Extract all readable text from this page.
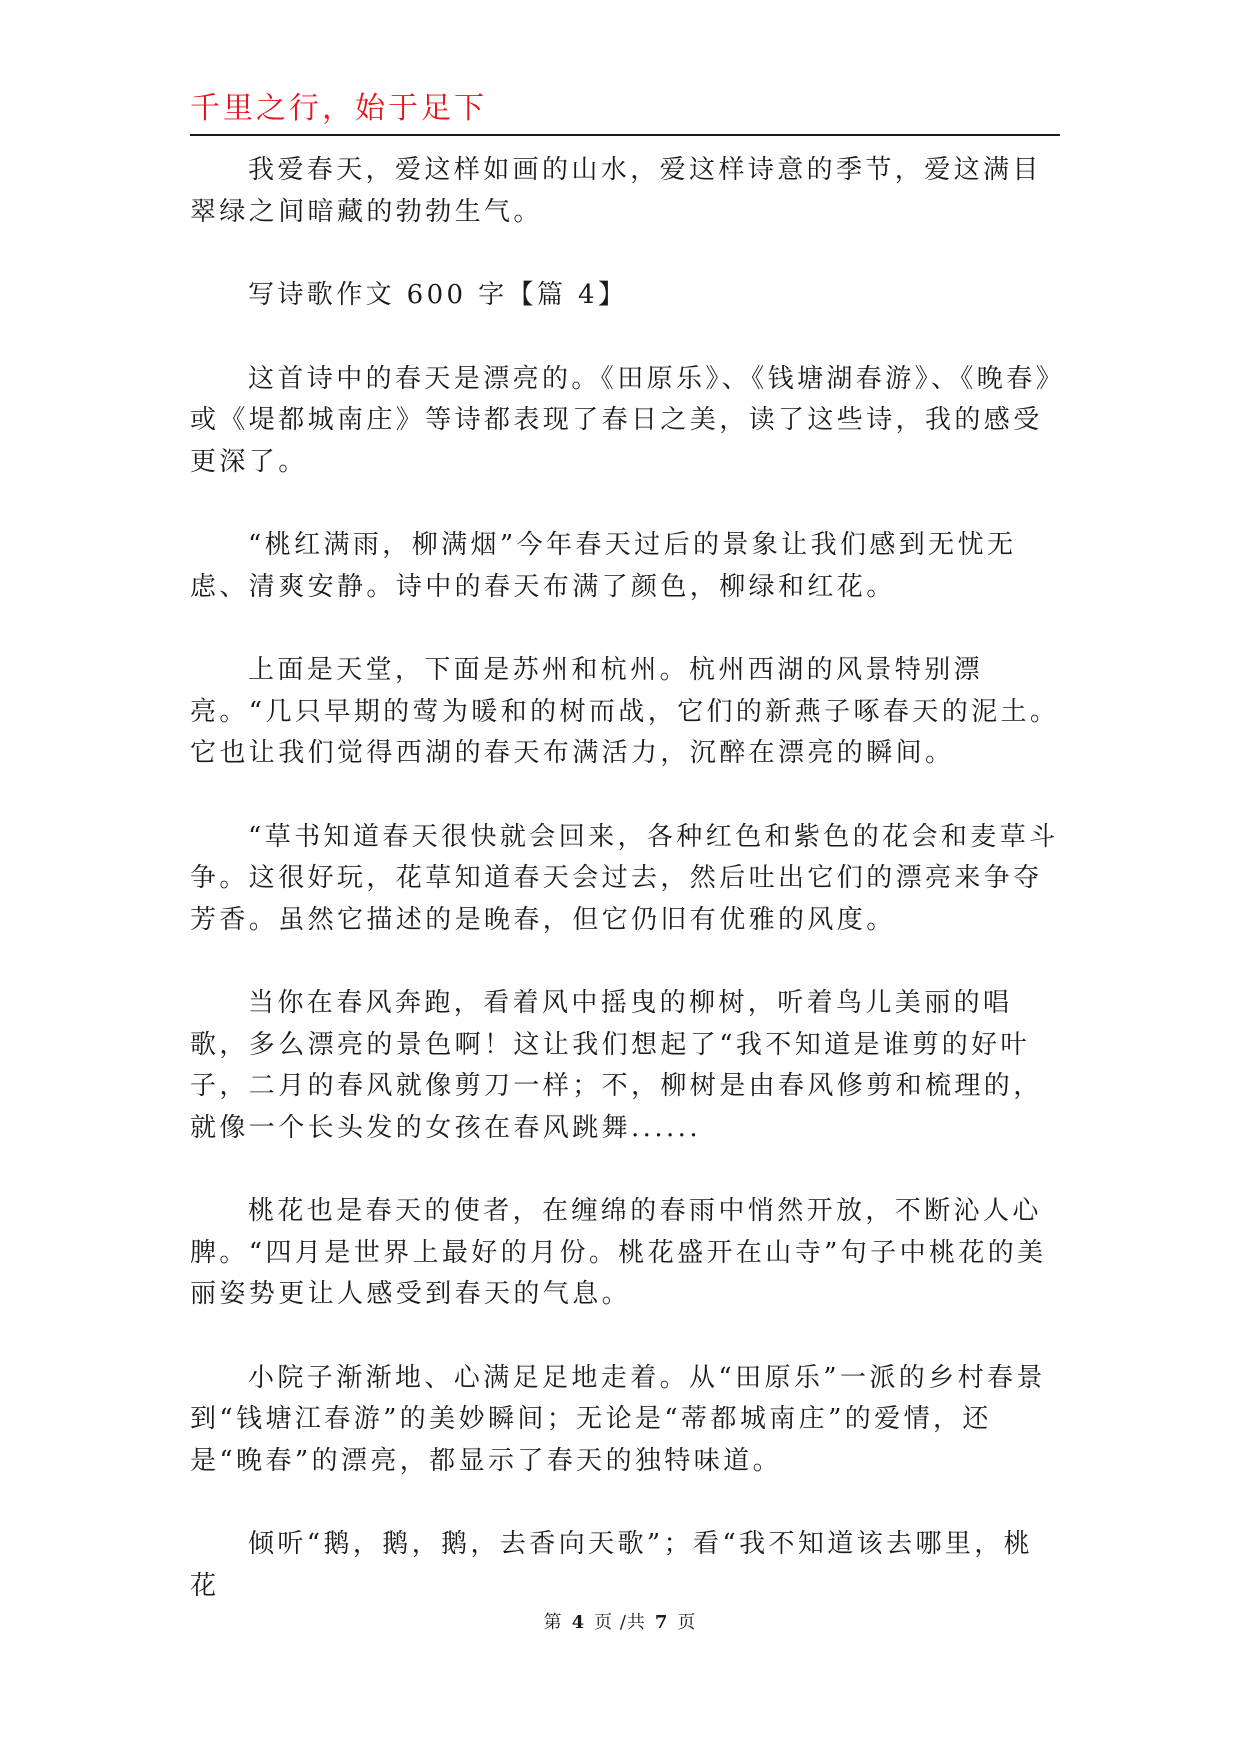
千里之行，始于足下

我爱春天，爱这样如画的山水，爱这样诗意的季节，爱这满目翠绿之间暗藏的勃勃生气。

写诗歌作文 600 字【篇 4】

这首诗中的春天是漂亮的。《田原乐》、《钱塘湖春游》、《晚春》或《堤都城南庄》等诗都表现了春日之美，读了这些诗，我的感受更深了。

“桃红满雨，柳满烟”今年春天过后的景象让我们感到无忧无虑、清爽安静。诗中的春天布满了颜色，柳绿和红花。

上面是天堂，下面是苏州和杭州。杭州西湖的风景特别漂亮。“几只早期的莺为暖和的树而战，它们的新燕子啄春天的泥土。它也让我们觉得西湖的春天布满活力，沉醉在漂亮的瞬间。

“草书知道春天很快就会回来，各种红色和紫色的花会和麦草斗争。这很好玩，花草知道春天会过去，然后吐出它们的漂亮来争夺芳香。虽然它描述的是晚春，但它仍旧有优雅的风度。

当你在春风奔跑，看着风中摇曳的柳树，听着鸟儿美丽的唱歌，多么漂亮的景色啊！这让我们想起了“我不知道是谁剪的好叶子，二月的春风就像剪刀一样；不，柳树是由春风修剪和梳理的，就像一个长头发的女孩在春风跳舞......

桃花也是春天的使者，在缠绵的春雨中悄然开放，不断沁人心脾。“四月是世界上最好的月份。桃花盛开在山寺”句子中桃花的美丽姿势更让人感受到春天的气息。

小院子渐渐地、心满足足地走着。从“田原乐”一派的乡村春景到“钱塘江春游”的美妙瞬间；无论是“蒂都城南庄”的爱情，还是“晚春”的漂亮，都显示了春天的独特味道。

倾听“鹅，鹅，鹅，去香向天歌”；看“我不知道该去哪里，桃花

第 4 页 /共 7 页
